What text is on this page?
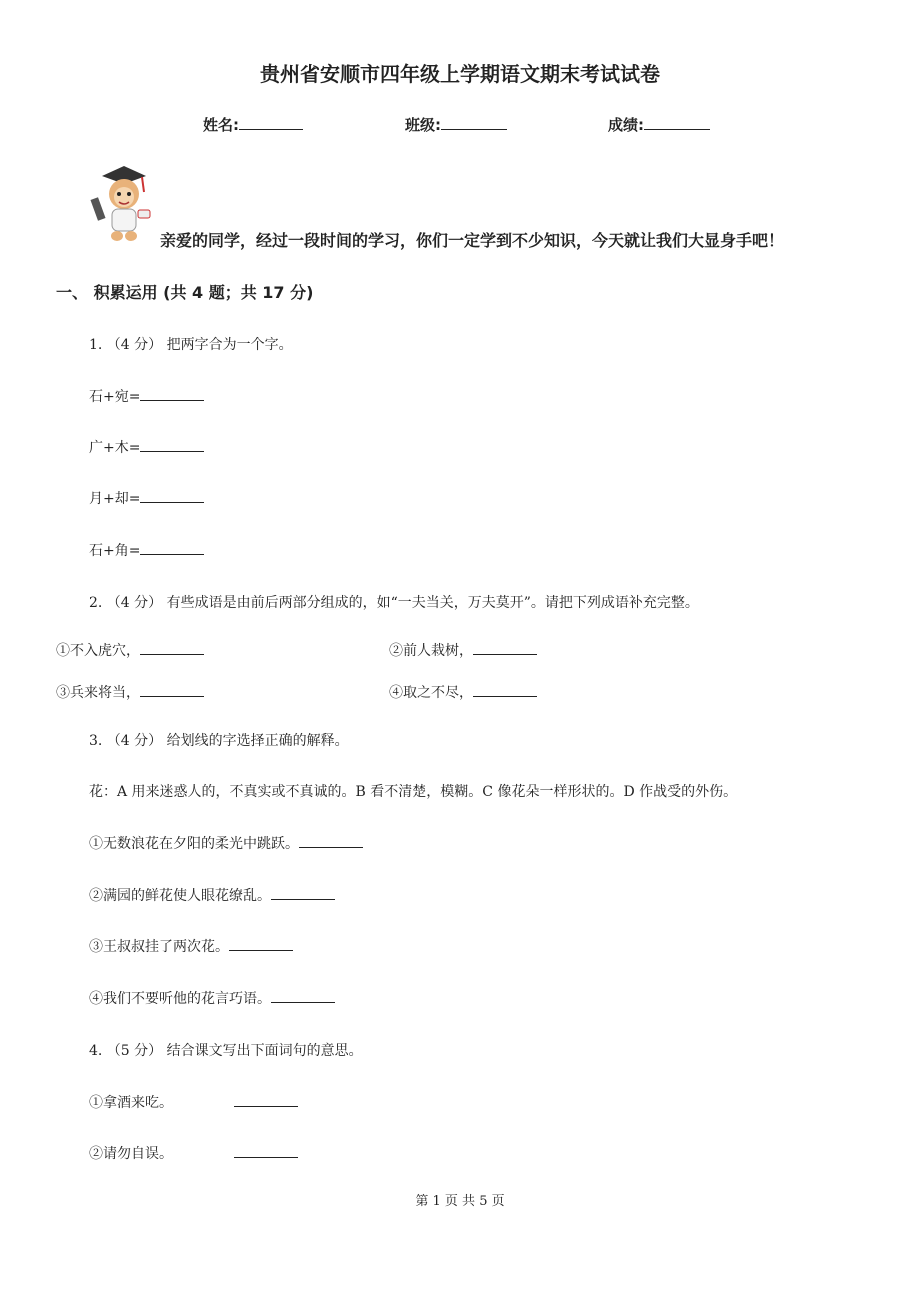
贵州省安顺市四年级上学期语文期末考试试卷
姓名:	班级:	成绩:
亲爱的同学，经过一段时间的学习，你们一定学到不少知识，今天就让我们大显身手吧！
一、 积累运用 (共 4 题；共 17 分)
1. （4 分） 把两字合为一个字。
石+宛=
广+木=
月+却=
石+角=
2. （4 分） 有些成语是由前后两部分组成的，如“一夫当关，万夫莫开”。请把下列成语补充完整。
①不入虎穴，	②前人栽树，
③兵来将当，	④取之不尽，
3. （4 分） 给划线的字选择正确的解释。
花：A 用来迷惑人的，不真实或不真诚的。B 看不清楚，模糊。C 像花朵一样形状的。D 作战受的外伤。
①无数浪花在夕阳的柔光中跳跃。
②满园的鲜花使人眼花缭乱。
③王叔叔挂了两次花。
④我们不要听他的花言巧语。
4. （5 分） 结合课文写出下面词句的意思。
①拿酒来吃。
②请勿自误。
第 1 页 共 5 页
